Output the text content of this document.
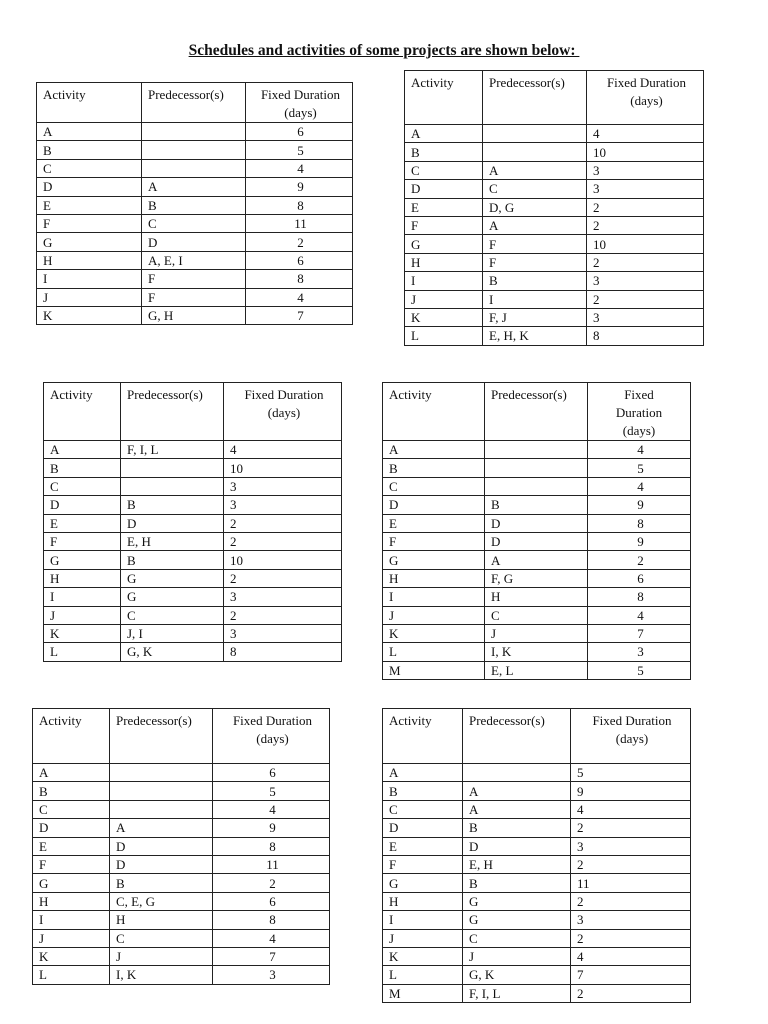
Schedules and activities of some projects are shown below:
Activity	Predecessor(s)	Fixed Duration (days)
A		6
B		5
C		4
D	A	9
E	B	8
F	C	11
G	D	2
H	A, E, I	6
I	F	8
J	F	4
K	G, H	7
Activity	Predecessor(s)	Fixed Duration (days)
A		4
B		10
C	A	3
D	C	3
E	D, G	2
F	A	2
G	F	10
H	F	2
I	B	3
J	I	2
K	F, J	3
L	E, H, K	8
Activity	Predecessor(s)	Fixed Duration (days)
A	F, I, L	4
B		10
C		3
D	B	3
E	D	2
F	E, H	2
G	B	10
H	G	2
I	G	3
J	C	2
K	J, I	3
L	G, K	8
Activity	Predecessor(s)	Fixed Duration (days)
A		4
B		5
C		4
D	B	9
E	D	8
F	D	9
G	A	2
H	F, G	6
I	H	8
J	C	4
K	J	7
L	I, K	3
M	E, L	5
Activity	Predecessor(s)	Fixed Duration (days)
A		6
B		5
C		4
D	A	9
E	D	8
F	D	11
G	B	2
H	C, E, G	6
I	H	8
J	C	4
K	J	7
L	I, K	3
Activity	Predecessor(s)	Fixed Duration (days)
A		5
B	A	9
C	A	4
D	B	2
E	D	3
F	E, H	2
G	B	11
H	G	2
I	G	3
J	C	2
K	J	4
L	G, K	7
M	F, I, L	2
